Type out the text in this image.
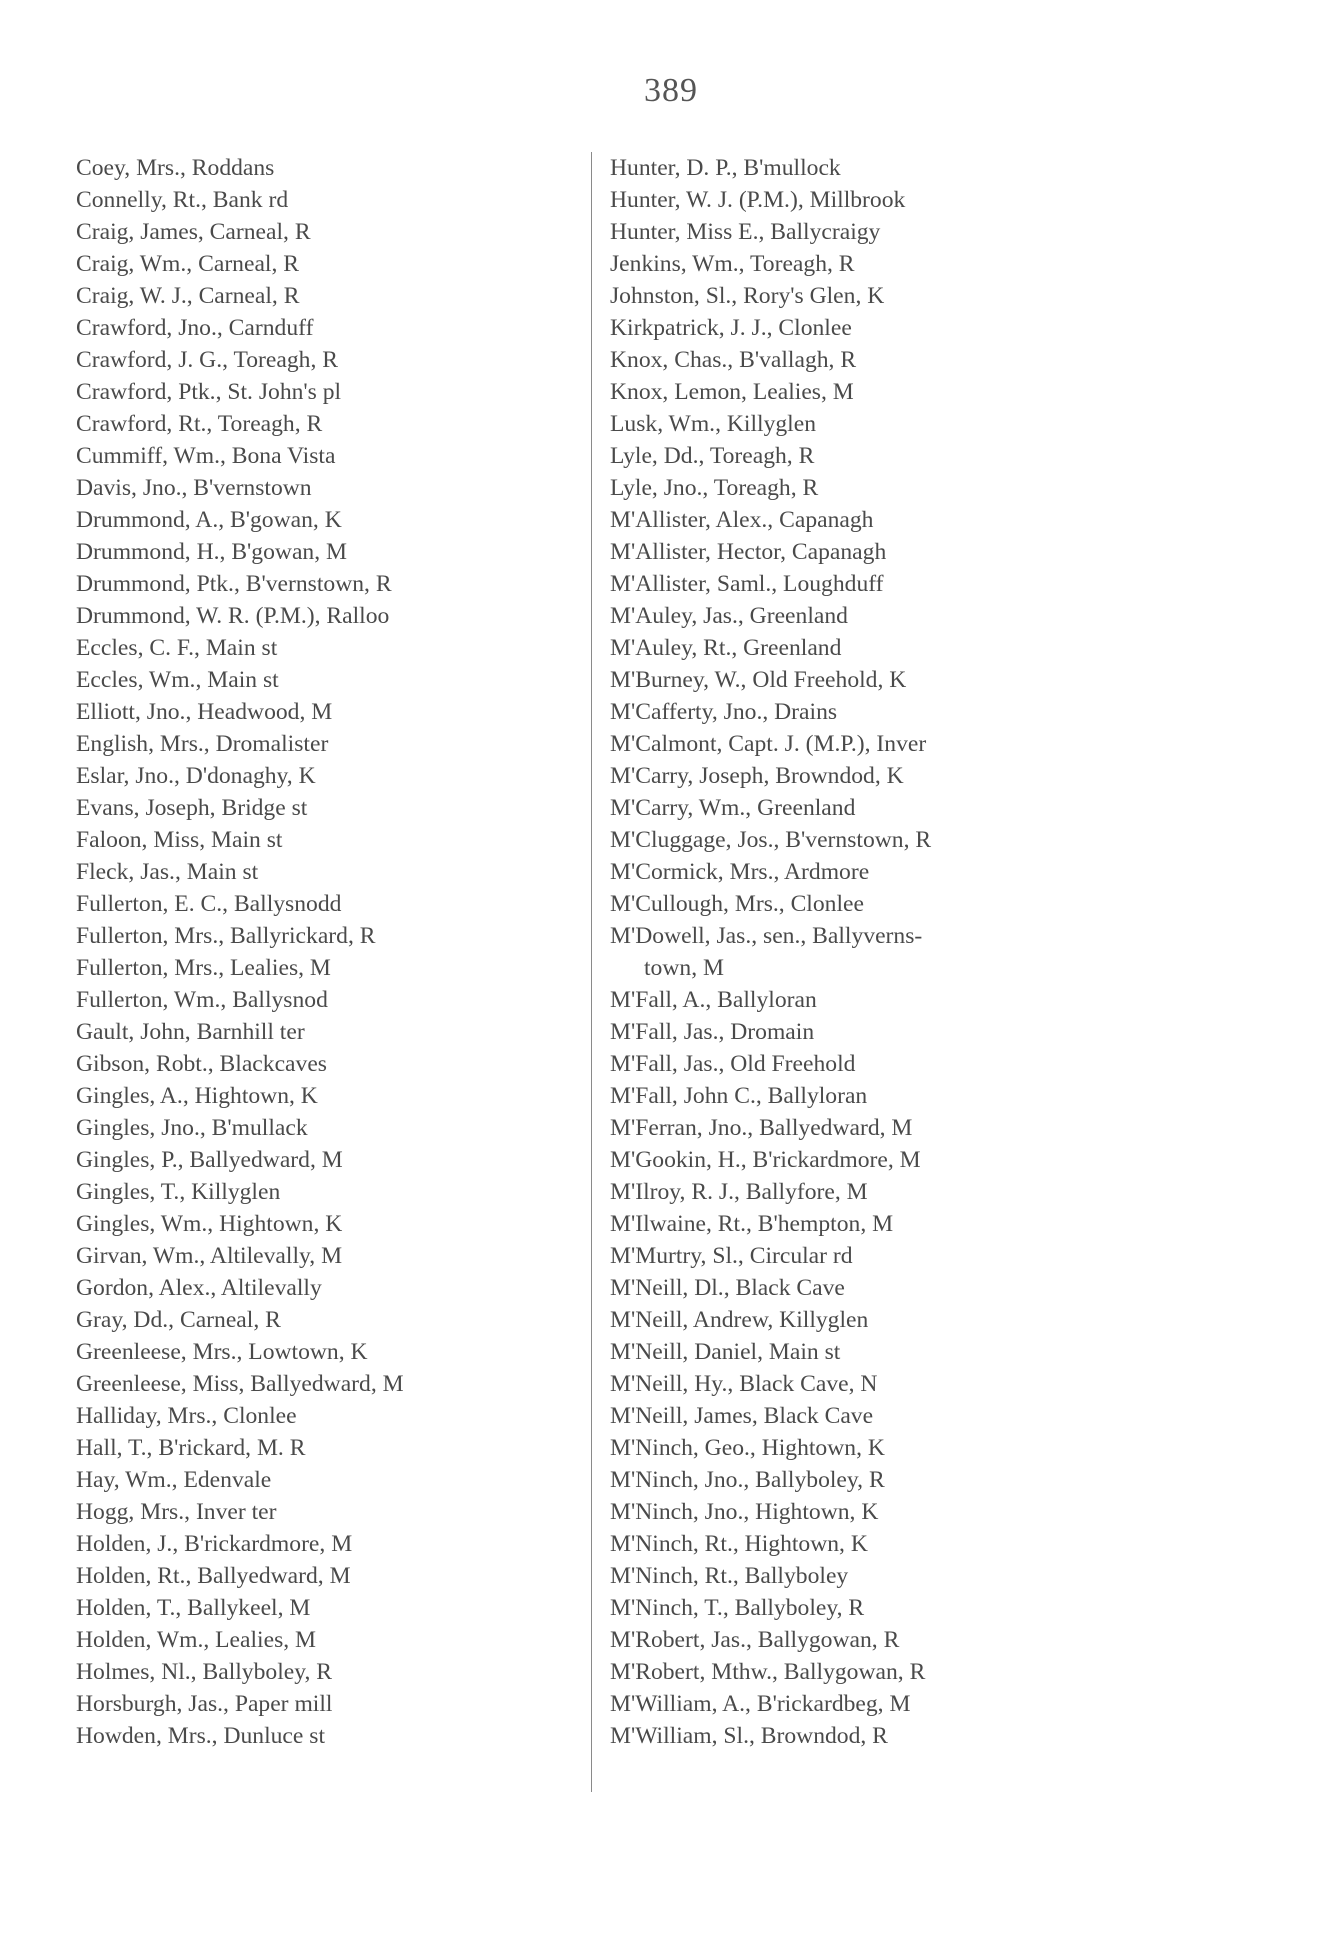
389
Coey, Mrs., Roddans
Connelly, Rt., Bank rd
Craig, James, Carneal, R
Craig, Wm., Carneal, R
Craig, W. J., Carneal, R
Crawford, Jno., Carnduff
Crawford, J. G., Toreagh, R
Crawford, Ptk., St. John's pl
Crawford, Rt., Toreagh, R
Cummiff, Wm., Bona Vista
Davis, Jno., B'vernstown
Drummond, A., B'gowan, K
Drummond, H., B'gowan, M
Drummond, Ptk., B'vernstown, R
Drummond, W. R. (P.M.), Ralloo
Eccles, C. F., Main st
Eccles, Wm., Main st
Elliott, Jno., Headwood, M
English, Mrs., Dromalister
Eslar, Jno., D'donaghy, K
Evans, Joseph, Bridge st
Faloon, Miss, Main st
Fleck, Jas., Main st
Fullerton, E. C., Ballysnodd
Fullerton, Mrs., Ballyrickard, R
Fullerton, Mrs., Lealies, M
Fullerton, Wm., Ballysnod
Gault, John, Barnhill ter
Gibson, Robt., Blackcaves
Gingles, A., Hightown, K
Gingles, Jno., B'mullack
Gingles, P., Ballyedward, M
Gingles, T., Killyglen
Gingles, Wm., Hightown, K
Girvan, Wm., Altilevally, M
Gordon, Alex., Altilevally
Gray, Dd., Carneal, R
Greenleese, Mrs., Lowtown, K
Greenleese, Miss, Ballyedward, M
Halliday, Mrs., Clonlee
Hall, T., B'rickard, M. R
Hay, Wm., Edenvale
Hogg, Mrs., Inver ter
Holden, J., B'rickardmore, M
Holden, Rt., Ballyedward, M
Holden, T., Ballykeel, M
Holden, Wm., Lealies, M
Holmes, Nl., Ballyboley, R
Horsburgh, Jas., Paper mill
Howden, Mrs., Dunluce st
Hunter, D. P., B'mullock
Hunter, W. J. (P.M.), Millbrook
Hunter, Miss E., Ballycraigy
Jenkins, Wm., Toreagh, R
Johnston, Sl., Rory's Glen, K
Kirkpatrick, J. J., Clonlee
Knox, Chas., B'vallagh, R
Knox, Lemon, Lealies, M
Lusk, Wm., Killyglen
Lyle, Dd., Toreagh, R
Lyle, Jno., Toreagh, R
M'Allister, Alex., Capanagh
M'Allister, Hector, Capanagh
M'Allister, Saml., Loughduff
M'Auley, Jas., Greenland
M'Auley, Rt., Greenland
M'Burney, W., Old Freehold, K
M'Cafferty, Jno., Drains
M'Calmont, Capt. J. (M.P.), Inver
M'Carry, Joseph, Browndod, K
M'Carry, Wm., Greenland
M'Cluggage, Jos., B'vernstown, R
M'Cormick, Mrs., Ardmore
M'Cullough, Mrs., Clonlee
M'Dowell, Jas., sen., Ballyverns-
town, M
M'Fall, A., Ballyloran
M'Fall, Jas., Dromain
M'Fall, Jas., Old Freehold
M'Fall, John C., Ballyloran
M'Ferran, Jno., Ballyedward, M
M'Gookin, H., B'rickardmore, M
M'Ilroy, R. J., Ballyfore, M
M'Ilwaine, Rt., B'hempton, M
M'Murtry, Sl., Circular rd
M'Neill, Dl., Black Cave
M'Neill, Andrew, Killyglen
M'Neill, Daniel, Main st
M'Neill, Hy., Black Cave, N
M'Neill, James, Black Cave
M'Ninch, Geo., Hightown, K
M'Ninch, Jno., Ballyboley, R
M'Ninch, Jno., Hightown, K
M'Ninch, Rt., Hightown, K
M'Ninch, Rt., Ballyboley
M'Ninch, T., Ballyboley, R
M'Robert, Jas., Ballygowan, R
M'Robert, Mthw., Ballygowan, R
M'William, A., B'rickardbeg, M
M'William, Sl., Browndod, R
